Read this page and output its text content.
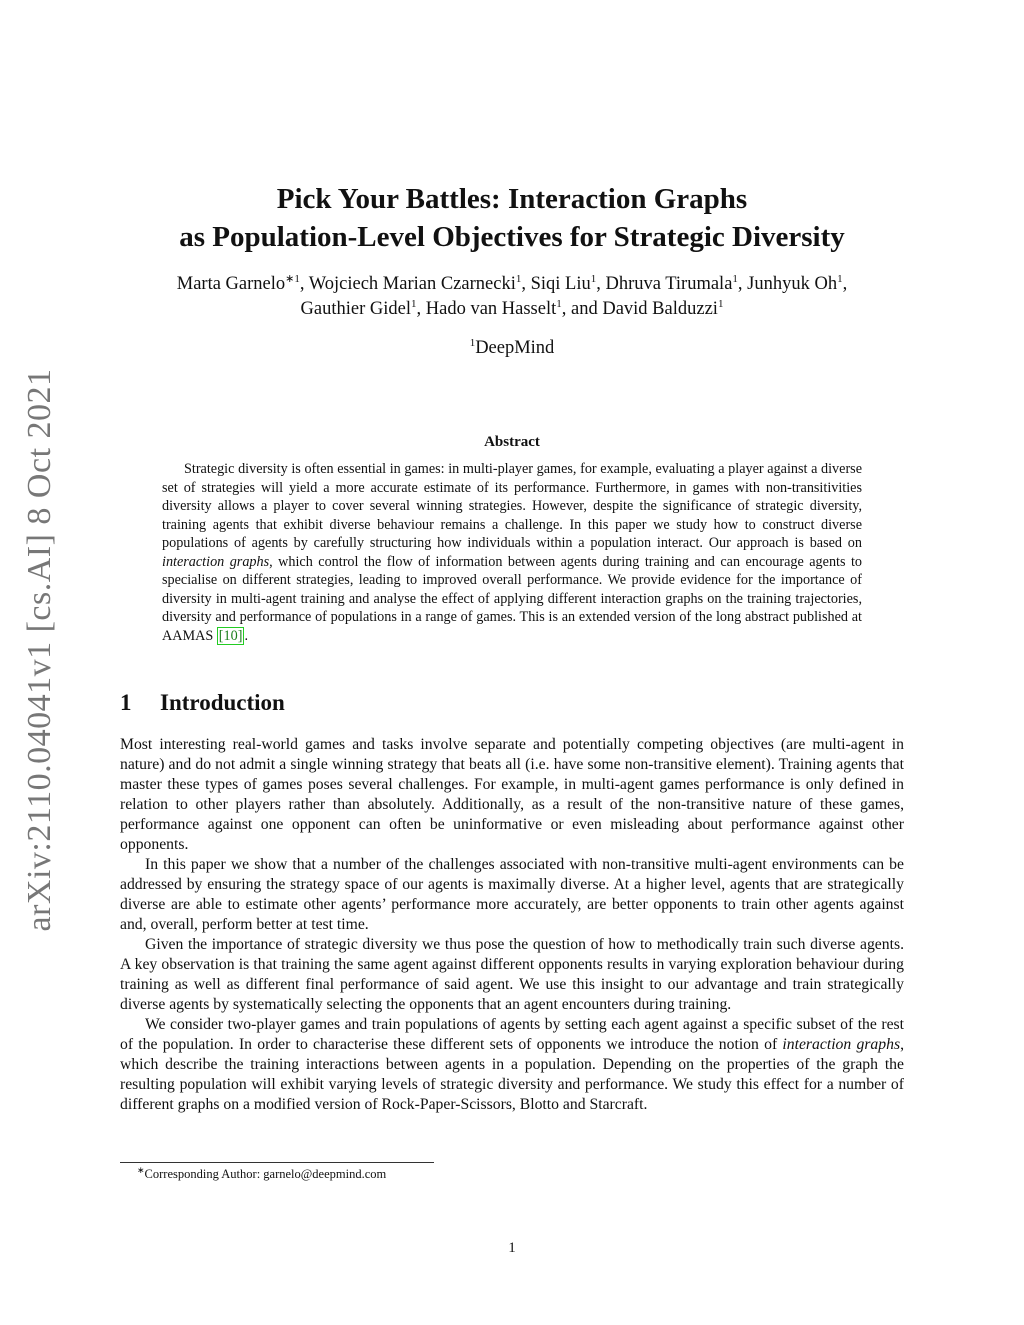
arXiv:2110.04041v1 [cs.AI] 8 Oct 2021
Pick Your Battles: Interaction Graphs
as Population-Level Objectives for Strategic Diversity
Marta Garnelo$^{∗1}$, Wojciech Marian Czarnecki$^1$, Siqi Liu$^1$, Dhruva Tirumala$^1$, Junhyuk Oh$^1$,
Gauthier Gidel$^1$, Hado van Hasselt$^1$, and David Balduzzi$^1$
$^1$DeepMind
Abstract

Strategic diversity is often essential in games: in multi-player games, for example, evaluating a player against a diverse set of strategies will yield a more accurate estimate of its performance. Furthermore, in games with non-transitivities diversity allows a player to cover several winning strategies. However, despite the significance of strategic diversity, training agents that exhibit diverse behaviour remains a challenge. In this paper we study how to construct diverse populations of agents by carefully structuring how individuals within a population interact. Our approach is based on interaction graphs, which control the flow of information between agents during training and can encourage agents to specialise on different strategies, leading to improved overall performance. We provide evidence for the importance of diversity in multi-agent training and analyse the effect of applying different interaction graphs on the training trajectories, diversity and performance of populations in a range of games. This is an extended version of the long abstract published at AAMAS [10] .

1 Introduction

Most interesting real-world games and tasks involve separate and potentially competing objectives (are multi-agent in nature) and do not admit a single winning strategy that beats all (i.e. have some non-transitive element). Training agents that master these types of games poses several challenges. For example, in multi-agent games performance is only defined in relation to other players rather than absolutely. Additionally, as a result of the non-transitive nature of these games, performance against one opponent can often be uninformative or even misleading about performance against other opponents.

In this paper we show that a number of the challenges associated with non-transitive multi-agent environments can be addressed by ensuring the strategy space of our agents is maximally diverse. At a higher level, agents that are strategically diverse are able to estimate other agents’ performance more accurately, are better opponents to train other agents against and, overall, perform better at test time.

Given the importance of strategic diversity we thus pose the question of how to methodically train such diverse agents. A key observation is that training the same agent against different opponents results in varying exploration behaviour during training as well as different final performance of said agent. We use this insight to our advantage and train strategically diverse agents by systematically selecting the opponents that an agent encounters during training.

We consider two-player games and train populations of agents by setting each agent against a specific subset of the rest of the population. In order to characterise these different sets of opponents we introduce the notion of interaction graphs, which describe the training interactions between agents in a population. Depending on the properties of the graph the resulting population will exhibit varying levels of strategic diversity and performance. We study this effect for a number of different graphs on a modified version of Rock-Paper-Scissors, Blotto and Starcraft.

∗Corresponding Author: garnelo@deepmind.com
1
